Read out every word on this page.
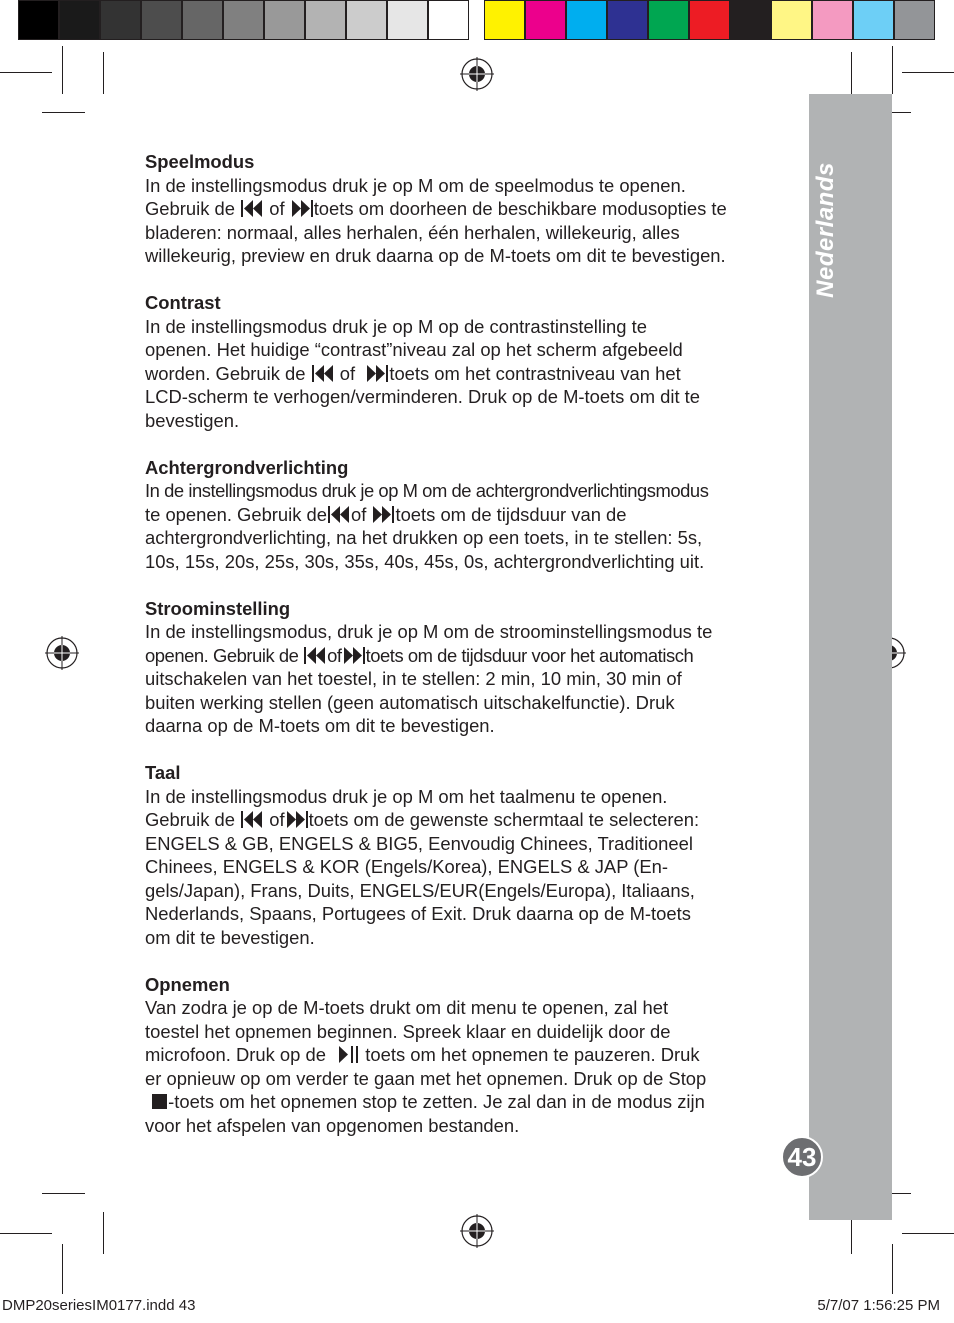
Nederlands
43
Speelmodus

In de instellingsmodus druk je op M om de speelmodus te openen.

Gebruik de of toets om doorheen de beschikbare modusopties te

bladeren: normaal, alles herhalen, één herhalen, willekeurig, alles

willekeurig, preview en druk daarna op de M-toets om dit te bevestigen.

Contrast

In de instellingsmodus druk je op M op de contrastinstelling te

openen. Het huidige “contrast”niveau zal op het scherm afgebeeld

worden. Gebruik de of toets om het contrastniveau van het

LCD-scherm te verhogen/verminderen. Druk op de M-toets om dit te

bevestigen.

Achtergrondverlichting

In de instellingsmodus druk je op M om de achtergrondverlichtingsmodus

te openen. Gebruik de of toets om de tijdsduur van de

achtergrondverlichting, na het drukken op een toets, in te stellen: 5s,

10s, 15s, 20s, 25s, 30s, 35s, 40s, 45s, 0s, achtergrondverlichting uit.

Stroominstelling

In de instellingsmodus, druk je op M om de stroominstellingsmodus te

openen. Gebruik de of toets om de tijdsduur voor het automatisch

uitschakelen van het toestel, in te stellen: 2 min, 10 min, 30 min of

buiten werking stellen (geen automatisch uitschakelfunctie). Druk

daarna op de M-toets om dit te bevestigen.

Taal

In de instellingsmodus druk je op M om het taalmenu te openen.

Gebruik de of toets om de gewenste schermtaal te selecteren:

ENGELS & GB, ENGELS & BIG5, Eenvoudig Chinees, Traditioneel

Chinees, ENGELS & KOR (Engels/Korea), ENGELS & JAP (En-

gels/Japan), Frans, Duits, ENGELS/EUR(Engels/Europa), Italiaans,

Nederlands, Spaans, Portugees of Exit. Druk daarna op de M-toets

om dit te bevestigen.

Opnemen

Van zodra je op de M-toets drukt om dit menu te openen, zal het

toestel het opnemen beginnen. Spreek klaar en duidelijk door de

microfoon. Druk op de toets om het opnemen te pauzeren. Druk

er opnieuw op om verder te gaan met het opnemen. Druk op de Stop

-toets om het opnemen stop te zetten. Je zal dan in de modus zijn

voor het afspelen van opgenomen bestanden.

DMP20seriesIM0177.indd 43	5/7/07 1:56:25 PM
